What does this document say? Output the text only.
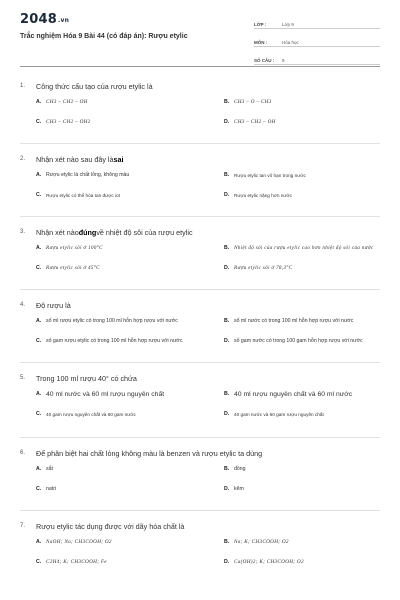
2048.vn
Trắc nghiệm Hóa 9 Bài 44 (có đáp án): Rượu etylic
LỚP :	Lớp 9
MÔN :	Hóa học
SỐ CÂU :	9
1.	Công thức cấu tạo của rượu etylic là
A. CH3 – CH2 – OH	B. CH3 – O – CH3
C. CH3 – CH2 – OH2	D. CH3 – CH2 – OH
2.	Nhận xét nào sau đây là sai
A. Rượu etylic là chất lỏng, không màu	B.	Rượu etylic tan vô hạn trong nước
C.	Rượu etylic có thể hòa tan được iot	D.	Rượu etylic nặng hơn nước
3.	Nhận xét nào đúng về nhiệt độ sôi của rượu etylic
A. Rượu etylic sôi ở 100°C	B. Nhiệt độ sôi của rượu etylic cao hơn nhiệt độ sôi của nước
C. Rượu etylic sôi ở 45°C	D. Rượu etylic sôi ở 78,3°C
4.	Độ rượu là
A. số ml rượu etylic có trong 100 ml hỗn hợp rượu với nước	B. số ml nước có trong 100 ml hỗn hợp rượu với nước
C. số gam rượu etylic có trong 100 ml hỗn hợp rượu với nước	D. số gam nước có trong 100 gam hỗn hợp rượu với nước
5.	Trong 100 ml rượu 40° có chứa
A. 40 ml nước và 60 ml rượu nguyên chất	B. 40 ml rượu nguyên chất và 60 ml nước
C.	40 gam rượu nguyên chất và 60 gam nước	D.	40 gam nước và 60 gam rượu nguyên chất
6.	Để phân biệt hai chất lỏng không màu là benzen và rượu etylic ta dùng
A. sắt	B. đồng
C. natri	D. kẽm
7.	Rượu etylic tác dụng được với dãy hóa chất là
A. NaOH; Na; CH3COOH; O2	B. Na; K; CH3COOH; O2
C. C2H4; K; CH3COOH; Fe	D. Ca(OH)2; K; CH3COOH; O2
